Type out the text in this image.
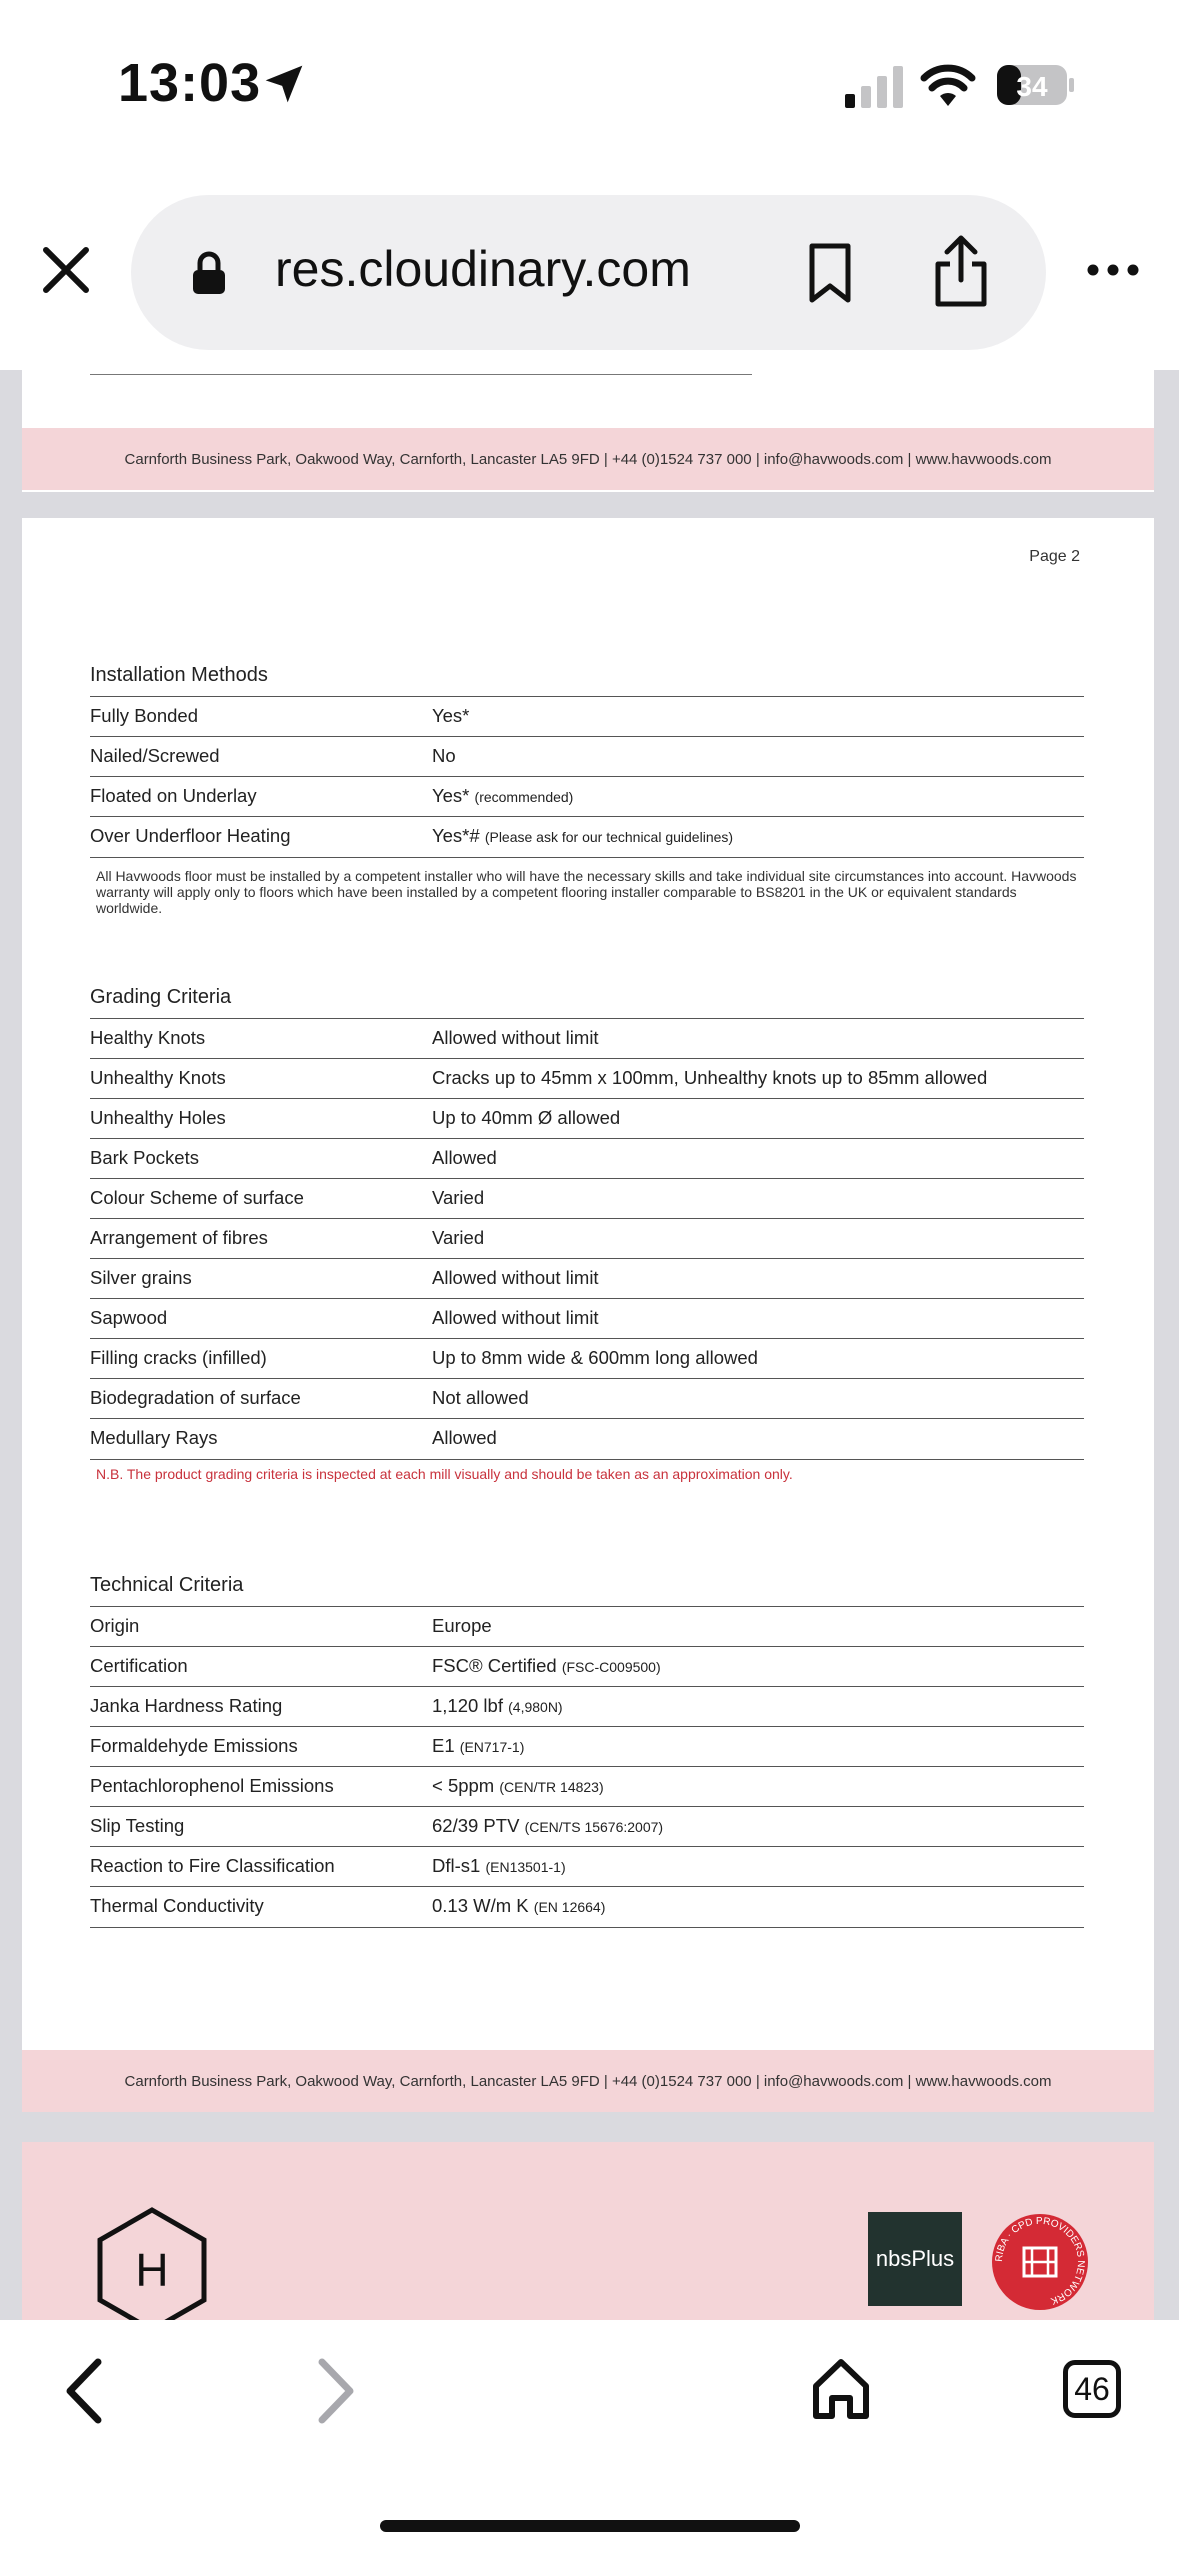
13:03	34
res.cloudinary.com
Carnforth Business Park, Oakwood Way, Carnforth, Lancaster LA5 9FD | +44 (0)1524 737 000 | info@havwoods.com | www.havwoods.com
Page 2
Installation Methods
Fully Bonded	Yes*
Nailed/Screwed	No
Floated on Underlay	Yes* (recommended)
Over Underfloor Heating	Yes*# (Please ask for our technical guidelines)
All Havwoods floor must be installed by a competent installer who will have the necessary skills and take individual site circumstances into account. Havwoods warranty will apply only to floors which have been installed by a competent flooring installer comparable to BS8201 in the UK or equivalent standards worldwide.
Grading Criteria
Healthy Knots	Allowed without limit
Unhealthy Knots	Cracks up to 45mm x 100mm, Unhealthy knots up to 85mm allowed
Unhealthy Holes	Up to 40mm Ø allowed
Bark Pockets	Allowed
Colour Scheme of surface	Varied
Arrangement of fibres	Varied
Silver grains	Allowed without limit
Sapwood	Allowed without limit
Filling cracks (infilled)	Up to 8mm wide & 600mm long allowed
Biodegradation of surface	Not allowed
Medullary Rays	Allowed
N.B. The product grading criteria is inspected at each mill visually and should be taken as an approximation only.
Technical Criteria
Origin	Europe
Certification	FSC® Certified (FSC-C009500)
Janka Hardness Rating	1,120 lbf (4,980N)
Formaldehyde Emissions	E1 (EN717-1)
Pentachlorophenol Emissions	< 5ppm (CEN/TR 14823)
Slip Testing	62/39 PTV (CEN/TS 15676:2007)
Reaction to Fire Classification	Dfl-s1 (EN13501-1)
Thermal Conductivity	0.13 W/m K (EN 12664)
Carnforth Business Park, Oakwood Way, Carnforth, Lancaster LA5 9FD | +44 (0)1524 737 000 | info@havwoods.com | www.havwoods.com
H	nbsPlus	RIBA · CPD PROVIDERS NETWORK
46
